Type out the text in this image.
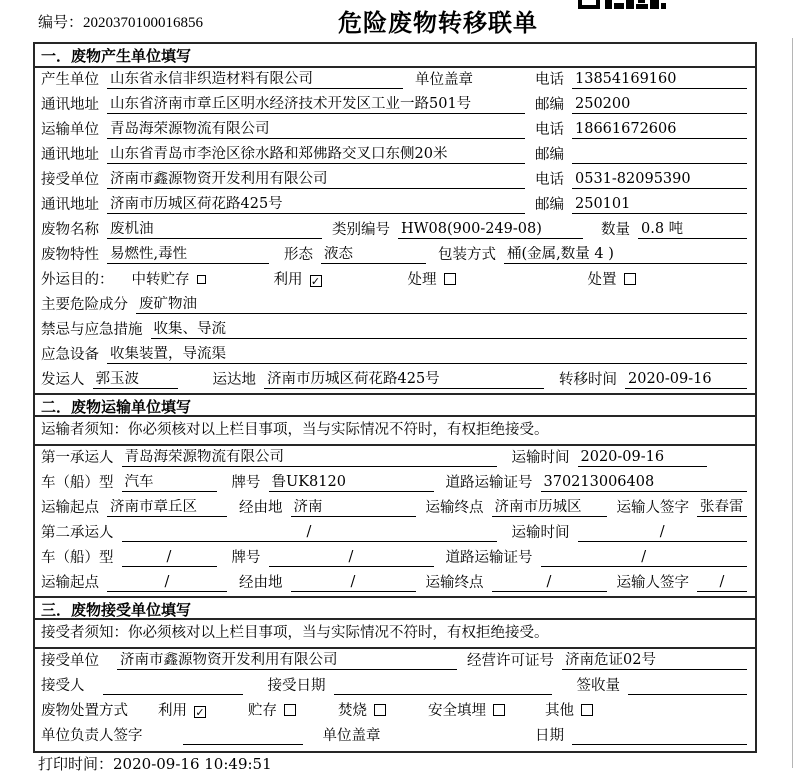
编号：2020370100016856	危险废物转移联单
一．废物产生单位填写
产生单位 山东省永信非织造材料有限公司	单位盖章	电话 13854169160
通讯地址 山东省济南市章丘区明水经济技术开发区工业一路501号	邮编 250200
运输单位 青岛海荣源物流有限公司	电话 18661672606
通讯地址 山东省青岛市李沧区徐水路和郑佛路交叉口东侧20米	邮编
接受单位 济南市鑫源物资开发利用有限公司	电话 0531-82095390
通讯地址 济南市历城区荷花路425号	邮编 250101
废物名称 废机油	类别编号 HW08(900-249-08)	数量 0.8 吨
废物特性 易燃性,毒性	形态 液态	包装方式 桶(金属,数量 4 )
外运目的： 中转贮存	利用 ✓	处理	处置
主要危险成分 废矿物油
禁忌与应急措施 收集、导流
应急设备 收集装置，导流渠
发运人 郭玉波	运达地 济南市历城区荷花路425号	转移时间 2020-09-16
二．废物运输单位填写
运输者须知：你必须核对以上栏目事项，当与实际情况不符时，有权拒绝接受。
第一承运人 青岛海荣源物流有限公司	运输时间 2020-09-16
车（船）型 汽车	牌号 鲁UK8120	道路运输证号 370213006408
运输起点 济南市章丘区	经由地 济南	运输终点 济南市历城区	运输人签字 张春雷
第二承运人	/	运输时间	/
车（船）型	/	牌号	/	道路运输证号	/
运输起点	/	经由地	/	运输终点	/	运输人签字	/
三．废物接受单位填写
接受者须知：你必须核对以上栏目事项，当与实际情况不符时，有权拒绝接受。
接受单位 济南市鑫源物资开发利用有限公司	经营许可证号 济南危证02号
接受人	接受日期	签收量
废物处置方式 利用 ✓	贮存	焚烧	安全填埋	其他
单位负责人签字	单位盖章	日期
打印时间：2020-09-16 10:49:51
